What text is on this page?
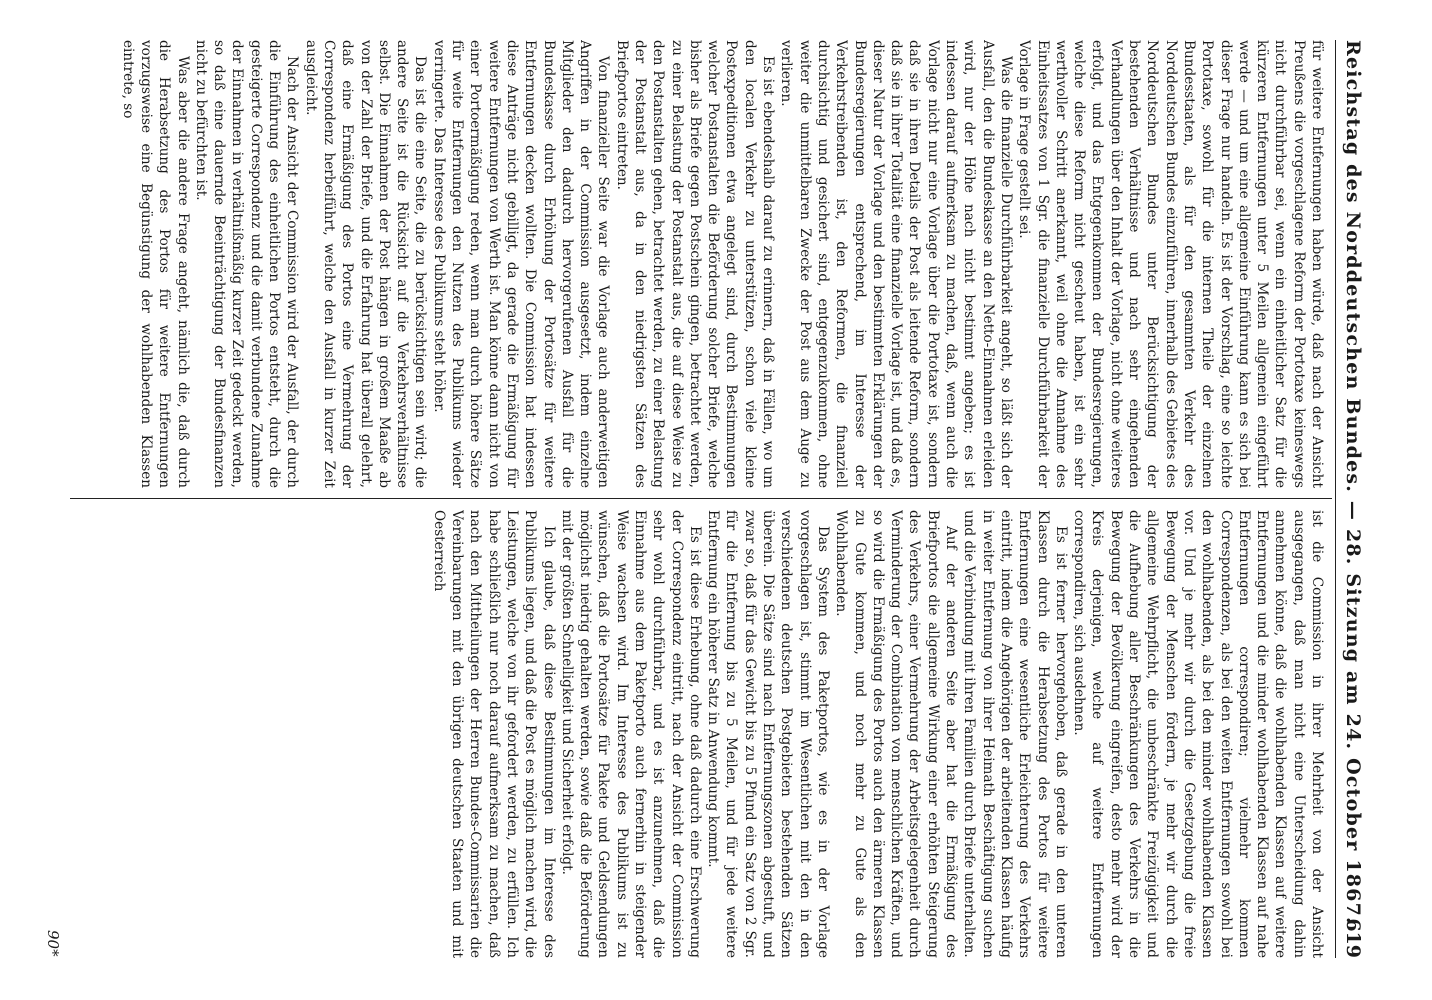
Reichstag des Norddeutschen Bundes. — 28. Sitzung am 24. October 1867.
619

für weitere Entfernungen haben würde, daß nach der Ansicht Preußens die vorgeschlagene Reform der Portotaxe keineswegs nicht durchführbar sei, wenn ein einheitlicher Satz für die kürzeren Entfernungen unter 5 Meilen allgemein eingeführt werde — und um eine allgemeine Einführung kann es sich bei dieser Frage nur handeln. Es ist der Vorschlag, eine so leichte Portotaxe, sowohl für die internen Theile der einzelnen Bundesstaaten, als für den gesammten Verkehr des Norddeutschen Bundes einzuführen, innerhalb des Gebietes des Norddeutschen Bundes unter Berücksichtigung der bestehenden Verhältnisse und nach sehr eingehenden Verhandlungen über den Inhalt der Vorlage, nicht ohne weiteres erfolgt, und das Entgegenkommen der Bundesregierungen, welche diese Reform nicht gescheut haben, ist ein sehr werthvoller Schritt anerkannt, weil ohne die Annahme des Einheitssatzes von 1 Sgr. die finanzielle Durchführbarkeit der Vorlage in Frage gestellt sei.

Was die finanzielle Durchführbarkeit angeht, so läßt sich der Ausfall, den die Bundeskasse an den Netto-Einnahmen erleiden wird, nur der Höhe nach nicht bestimmt angeben; es ist indessen darauf aufmerksam zu machen, daß, wenn auch die Vorlage nicht nur eine Vorlage über die Portotaxe ist, sondern daß sie in ihren Details der Post als leitende Reform, sondern daß sie in ihrer Totalität eine finanzielle Vorlage ist, und daß es, dieser Natur der Vorlage und den bestimmten Erklärungen der Bundesregierungen entsprechend, im Interesse der Verkehrstreibenden ist, den Reformen, die finanziell durchsichtig und gesichert sind, entgegenzukommen, ohne weiter die unmittelbaren Zwecke der Post aus dem Auge zu verlieren.

Es ist ebendeshalb darauf zu erinnern, daß in Fällen, wo um den localen Verkehr zu unterstützen, schon viele kleine Postexpeditionen etwa angelegt sind, durch Bestimmungen welcher Postanstalten die Beförderung solcher Briefe, welche bisher als Briefe gegen Postschein gingen, betrachtet werden, zu einer Belastung der Postanstalt aus, die auf diese Weise zu den Postanstalten gehen, betrachtet werden, zu einer Belastung der Postanstalt aus, da in den niedrigsten Sätzen des Briefportos eintreten.

Von finanzieller Seite war die Vorlage auch anderweitigen Angriffen in der Commission ausgesetzt, indem einzelne Mitglieder den dadurch hervorgerufenen Ausfall für die Bundeskasse durch Erhöhung der Portosätze für weitere Entfernungen decken wollten. Die Commission hat indessen diese Anträge nicht gebilligt, da gerade die Ermäßigung für weitere Entfernungen von Werth ist. Man könne dann nicht von einer Portoermäßigung reden, wenn man durch höhere Sätze für weite Entfernungen den Nutzen des Publikums wieder verringerte. Das Interesse des Publikums steht höher.

Das ist die eine Seite, die zu berücksichtigen sein wird; die andere Seite ist die Rücksicht auf die Verkehrsverhältnisse selbst. Die Einnahmen der Post hängen in großem Maaße ab von der Zahl der Briefe, und die Erfahrung hat überall gelehrt, daß eine Ermäßigung des Portos eine Vermehrung der Correspondenz herbeiführt, welche den Ausfall in kurzer Zeit ausgleicht.

Nach der Ansicht der Commission wird der Ausfall, der durch die Einführung des einheitlichen Portos entsteht, durch die gesteigerte Correspondenz und die damit verbundene Zunahme der Einnahmen in verhältnißmäßig kurzer Zeit gedeckt werden, so daß eine dauernde Beeinträchtigung der Bundesfinanzen nicht zu befürchten ist.

Was aber die andere Frage angeht, nämlich die, daß durch die Herabsetzung des Portos für weitere Entfernungen vorzugsweise eine Begünstigung der wohlhabenden Klassen eintrete, so

ist die Commission in ihrer Mehrheit von der Ansicht ausgegangen, daß man nicht eine Unterscheidung dahin annehmen könne, daß die wohlhabenden Klassen auf weitere Entfernungen und die minder wohlhabenden Klassen auf nahe Entfernungen correspondiren; vielmehr kommen Correspondenzen, als bei den weiten Entfernungen sowohl bei den wohlhabenden, als bei den minder wohlhabenden Klassen vor. Und je mehr wir durch die Gesetzgebung die freie Bewegung der Menschen fördern, je mehr wir durch die allgemeine Wehrpflicht, die unbeschränkte Freizügigkeit und die Aufhebung aller Beschränkungen des Verkehrs in die Bewegung der Bevölkerung eingreifen, desto mehr wird der Kreis derjenigen, welche auf weitere Entfernungen correspondiren, sich ausdehnen.

Es ist ferner hervorgehoben, daß gerade in den unteren Klassen durch die Herabsetzung des Portos für weitere Entfernungen eine wesentliche Erleichterung des Verkehrs eintritt, indem die Angehörigen der arbeitenden Klassen häufig in weiter Entfernung von ihrer Heimath Beschäftigung suchen und die Verbindung mit ihren Familien durch Briefe unterhalten.

Auf der anderen Seite aber hat die Ermäßigung des Briefportos die allgemeine Wirkung einer erhöhten Steigerung des Verkehrs, einer Vermehrung der Arbeitsgelegenheit durch Verminderung der Combination von menschlichen Kräften, und so wird die Ermäßigung des Portos auch den ärmeren Klassen zu Gute kommen, und noch mehr zu Gute als den Wohlhabenden.

Das System des Paketportos, wie es in der Vorlage vorgeschlagen ist, stimmt im Wesentlichen mit den in den verschiedenen deutschen Postgebieten bestehenden Sätzen überein. Die Sätze sind nach Entfernungszonen abgestuft, und zwar so, daß für das Gewicht bis zu 5 Pfund ein Satz von 2 Sgr. für die Entfernung bis zu 5 Meilen, und für jede weitere Entfernung ein höherer Satz in Anwendung kommt.

Es ist diese Erhebung, ohne daß dadurch eine Erschwerung der Correspondenz eintritt, nach der Ansicht der Commission sehr wohl durchführbar, und es ist anzunehmen, daß die Einnahme aus dem Paketporto auch fernerhin in steigender Weise wachsen wird. Im Interesse des Publikums ist zu wünschen, daß die Portosätze für Pakete und Geldsendungen möglichst niedrig gehalten werden, sowie daß die Beförderung mit der größten Schnelligkeit und Sicherheit erfolgt.

Ich glaube, daß diese Bestimmungen im Interesse des Publikums liegen, und daß die Post es möglich machen wird, die Leistungen, welche von ihr gefordert werden, zu erfüllen. Ich habe schließlich nur noch darauf aufmerksam zu machen, daß nach den Mittheilungen der Herren Bundes-Commissarien die Vereinbarungen mit den übrigen deutschen Staaten und mit Oesterreich

90*
